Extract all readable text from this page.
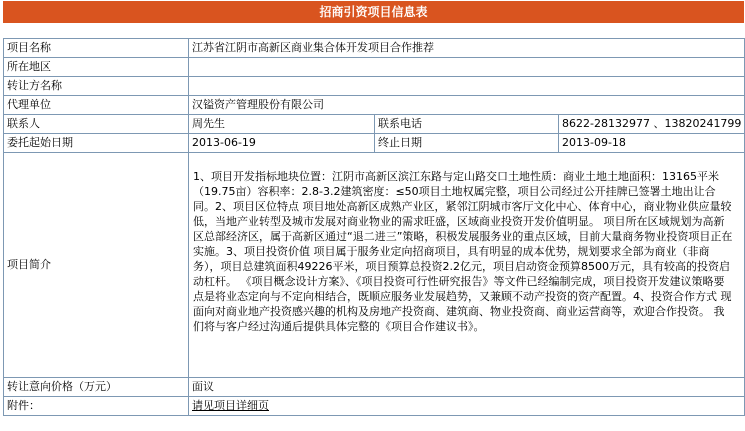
招商引资项目信息表
项目名称	江苏省江阴市高新区商业集合体开发项目合作推荐		
所在地区			
转让方名称			
代理单位	汉镒资产管理股份有限公司		
联系人	周先生	联系电话	8622-28132977 、13820241799
委托起始日期	2013-06-19	终止日期	2013-09-18
项目简介	1、项目开发指标地块位置：江阴市高新区滨江东路与定山路交口土地性质：商业土地土地面积：13165平米（19.75亩）容积率：2.8-3.2建筑密度：≤50项目土地权属完整，项目公司经过公开挂牌已签署土地出让合同。2、项目区位特点 项目地处高新区成熟产业区，紧邻江阴城市客厅文化中心、体育中心，商业物业供应量较低，当地产业转型及城市发展对商业物业的需求旺盛，区域商业投资开发价值明显。 项目所在区域规划为高新区总部经济区，属于高新区通过“退二进三”策略，积极发展服务业的重点区域，目前大量商务物业投资项目正在实施。3、项目投资价值 项目属于服务业定向招商项目，具有明显的成本优势，规划要求全部为商业（非商务），项目总建筑面积49226平米，项目预算总投资2.2亿元，项目启动资金预算8500万元，具有较高的投资启动杠杆。 《项目概念设计方案》、《项目投资可行性研究报告》等文件已经编制完成，项目投资开发建议策略要点是将业态定向与不定向相结合，既顺应服务业发展趋势，又兼顾不动产投资的资产配置。4、投资合作方式 现面向对商业地产投资感兴趣的机构及房地产投资商、建筑商、物业投资商、商业运营商等，欢迎合作投资。 我们将与客户经过沟通后提供具体完整的《项目合作建议书》。		

转让意向价格（万元）	面议		
附件：	请见项目详细页		
